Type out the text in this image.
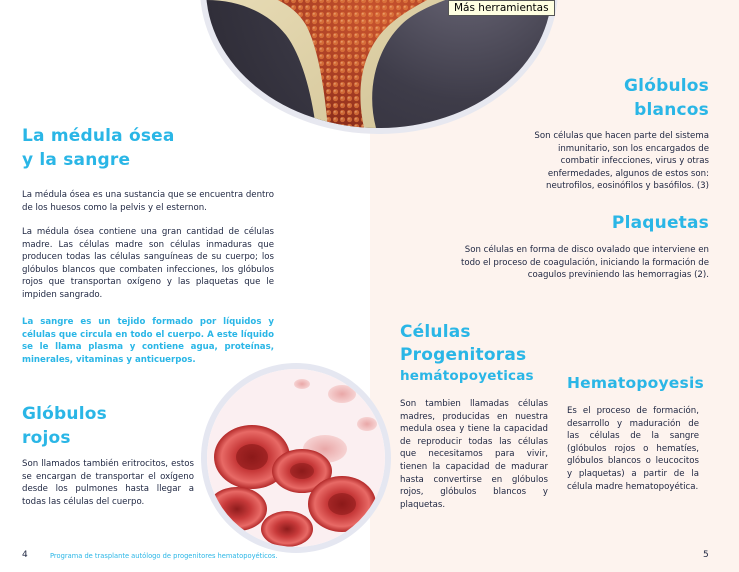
Más herramientas
La médula ósea
y la sangre

La médula ósea es una sustancia que se encuentra dentro de los huesos como la pelvis y el esternon.

La médula ósea contiene una gran cantidad de células madre. Las células madre son células inmaduras que producen todas las células sanguíneas de su cuerpo; los glóbulos blancos que combaten infecciones, los glóbulos rojos que transportan oxígeno y las plaquetas que le impiden sangrado.

La sangre es un tejido formado por líquidos y células que circula en todo el cuerpo. A este líquido se le llama plasma y contiene agua, proteínas, minerales, vitaminas y anticuerpos.

Glóbulos
rojos

Son llamados también eritrocitos, estos se encargan de transportar el oxígeno desde los pulmones hasta llegar a todas las células del cuerpo.

4	Programa de trasplante autólogo de progenitores hematopoyéticos.
Glóbulos
blancos

Son células que hacen parte del sistema inmunitario, son los encargados de combatir infecciones, virus y otras enfermedades, algunos de estos son: neutrofilos, eosinófilos y basófilos. (3)

Plaquetas

Son células en forma de disco ovalado que interviene en todo el proceso de coagulación, iniciando la formación de coagulos previniendo las hemorragias (2).

Células
Progenitoras
hemátopoyeticas

Son tambien llamadas células madres, producidas en nuestra medula osea y tiene la capacidad de reproducir todas las células que necesitamos para vivir, tienen la capacidad de madurar hasta convertirse en glóbulos rojos, glóbulos blancos y plaquetas.

Hematopoyesis

Es el proceso de formación, desarrollo y maduración de las células de la sangre (glóbulos rojos o hematíes, glóbulos blancos o leucocitos y plaquetas) a partir de la célula madre hematopoyética.

5
